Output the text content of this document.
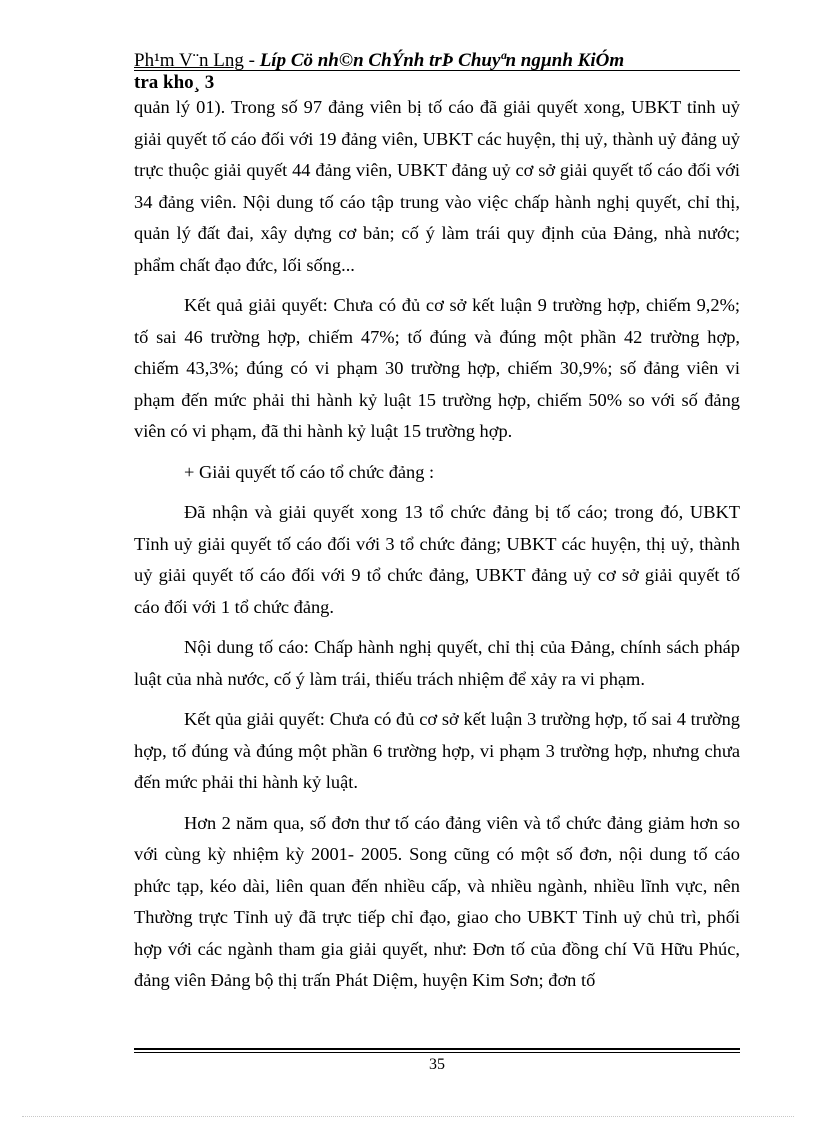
Ph¹m V¨n Lng - Líp Cö nh©n ChÝnh trÞ Chuyªn ngµnh KiÓm
tra kho¸ 3

quản lý 01). Trong số 97 đảng viên bị tố cáo đã giải quyết xong, UBKT tỉnh uỷ giải quyết tố cáo đối với 19 đảng viên, UBKT các huyện, thị uỷ, thành uỷ đảng uỷ trực thuộc giải quyết 44 đảng viên, UBKT đảng uỷ cơ sở giải quyết tố cáo đối với 34 đảng viên. Nội dung tố cáo tập trung vào việc chấp hành nghị quyết, chỉ thị, quản lý đất đai, xây dựng cơ bản; cố ý làm trái quy định của Đảng, nhà nước; phẩm chất đạo đức, lối sống...

Kết quả giải quyết: Chưa có đủ cơ sở kết luận 9 trường hợp, chiếm 9,2%; tố sai 46 trường hợp, chiếm 47%; tố đúng và đúng một phần 42 trường hợp, chiếm 43,3%; đúng có vi phạm 30 trường hợp, chiếm 30,9%; số đảng viên vi phạm đến mức phải thi hành kỷ luật 15 trường hợp, chiếm 50% so với số đảng viên có vi phạm, đã thi hành kỷ luật 15 trường hợp.

+ Giải quyết tố cáo tổ chức đảng :

Đã nhận và giải quyết xong 13 tổ chức đảng bị tố cáo; trong đó, UBKT Tỉnh uỷ giải quyết tố cáo đối với 3 tổ chức đảng; UBKT các huyện, thị uỷ, thành uỷ giải quyết tố cáo đối với 9 tổ chức đảng, UBKT đảng uỷ cơ sở giải quyết tố cáo đối với 1 tổ chức đảng.

Nội dung tố cáo: Chấp hành nghị quyết, chỉ thị của Đảng, chính sách pháp luật của nhà nước, cố ý làm trái, thiếu trách nhiệm để xảy ra vi phạm.

Kết qủa giải quyết: Chưa có đủ cơ sở kết luận 3 trường hợp, tố sai 4 trường hợp, tố đúng và đúng một phần 6 trường hợp, vi phạm 3 trường hợp, nhưng chưa đến mức phải thi hành kỷ luật.

Hơn 2 năm qua, số đơn thư tố cáo đảng viên và tổ chức đảng giảm hơn so với cùng kỳ nhiệm kỳ 2001- 2005. Song cũng có một số đơn, nội dung tố cáo phức tạp, kéo dài, liên quan đến nhiều cấp, và nhiều ngành, nhiều lĩnh vực, nên Thường trực Tỉnh uỷ đã trực tiếp chỉ đạo, giao cho UBKT Tỉnh uỷ chủ trì, phối hợp với các ngành tham gia giải quyết, như: Đơn tố của đồng chí Vũ Hữu Phúc, đảng viên Đảng bộ thị trấn Phát Diệm, huyện Kim Sơn; đơn tố

35
